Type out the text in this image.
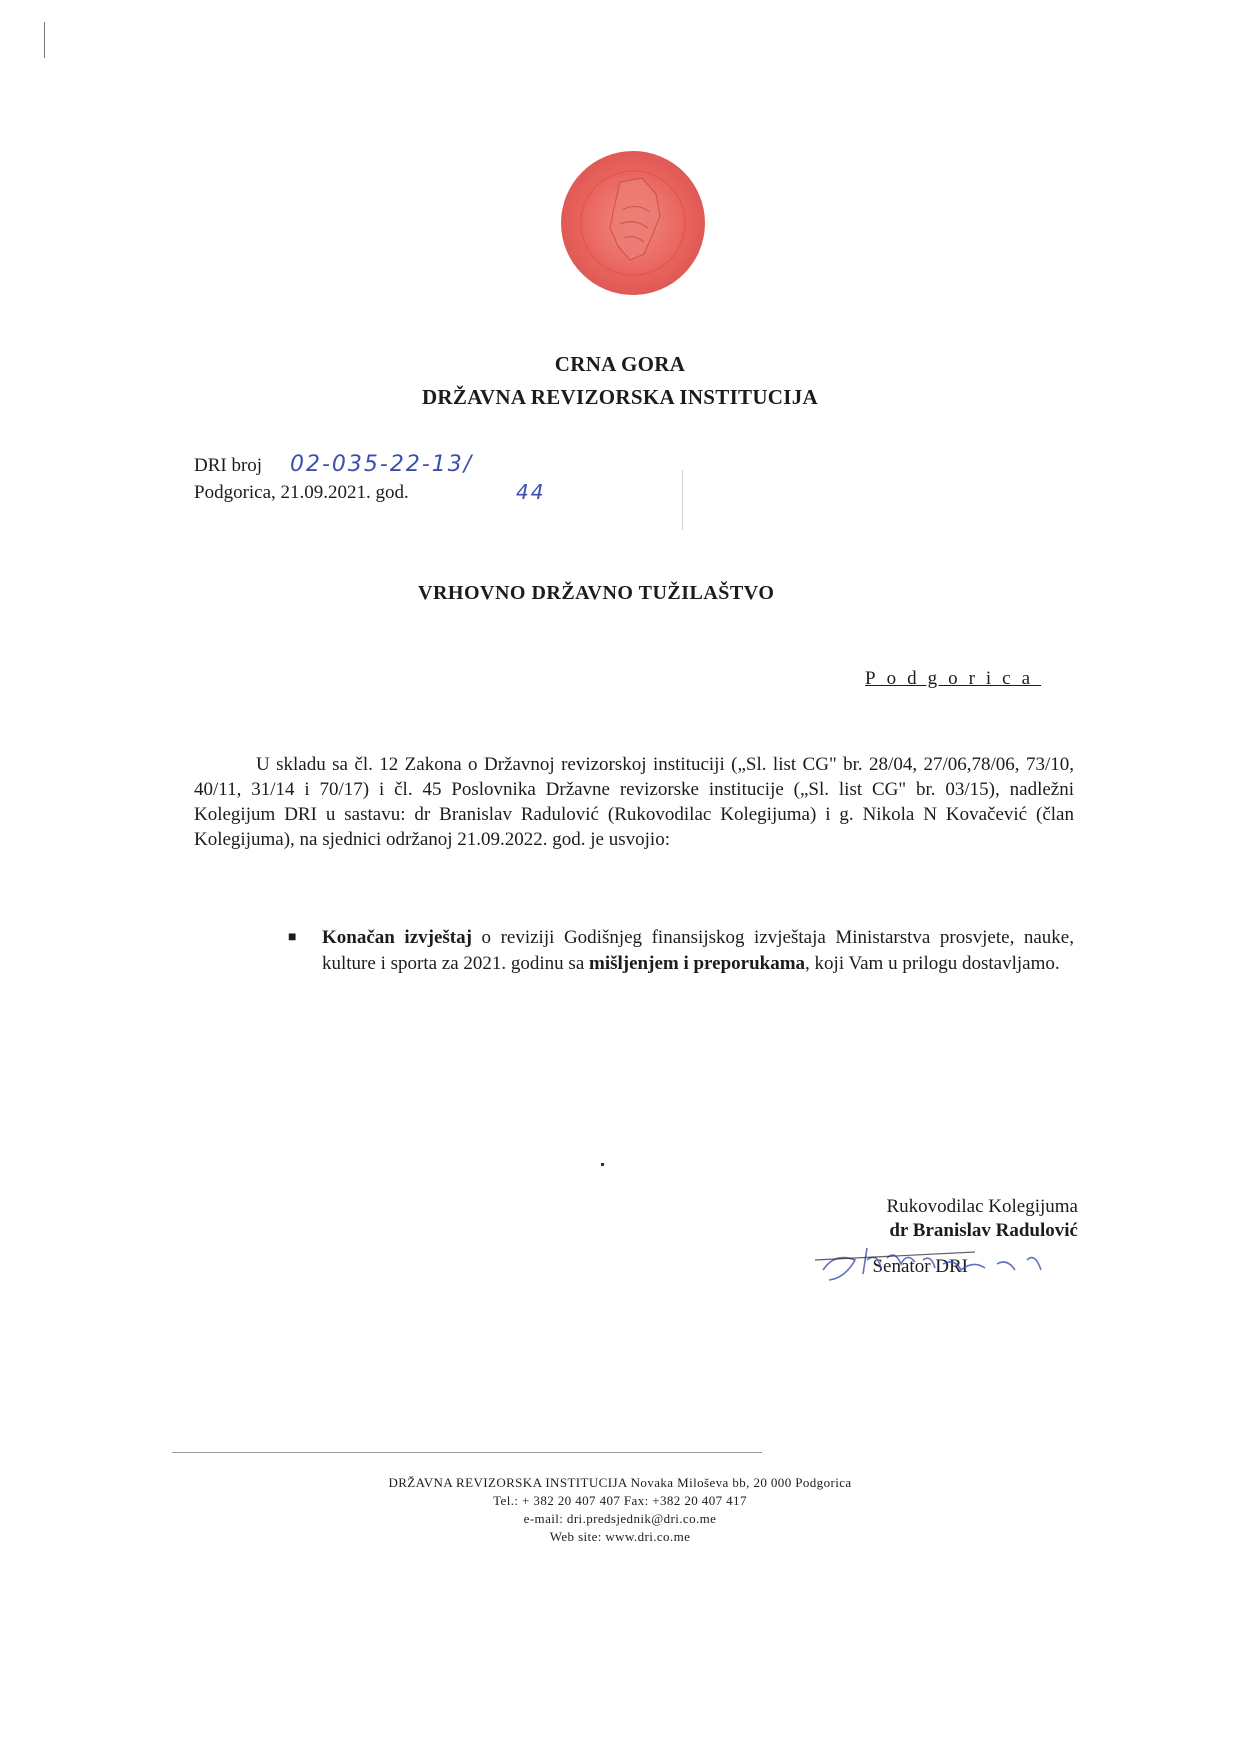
CRNA GORA
DRŽAVNA REVIZORSKA INSTITUCIJA
DRI broj
Podgorica, 21.09.2021. god.
02-035-22-13/
44
VRHOVNO DRŽAVNO TUŽILAŠTVO
Podgorica
U skladu sa čl. 12 Zakona o Državnoj revizorskoj instituciji („Sl. list CG" br. 28/04, 27/06,78/06, 73/10, 40/11, 31/14 i 70/17) i čl. 45 Poslovnika Državne revizorske institucije („Sl. list CG" br. 03/15), nadležni Kolegijum DRI u sastavu: dr Branislav Radulović (Rukovodilac Kolegijuma) i g. Nikola N Kovačević (član Kolegijuma), na sjednici održanoj 21.09.2022. god. je usvojio:
■ Konačan izvještaj o reviziji Godišnjeg finansijskog izvještaja Ministarstva prosvjete, nauke, kulture i sporta za 2021. godinu sa mišljenjem i preporukama, koji Vam u prilogu dostavljamo.
Rukovodilac Kolegijuma
dr Branislav Radulović
Senator DRI
DRŽAVNA REVIZORSKA INSTITUCIJA Novaka Miloševa bb, 20 000 Podgorica
Tel.: + 382 20 407 407 Fax: +382 20 407 417
e-mail: dri.predsjednik@dri.co.me
Web site: www.dri.co.me
